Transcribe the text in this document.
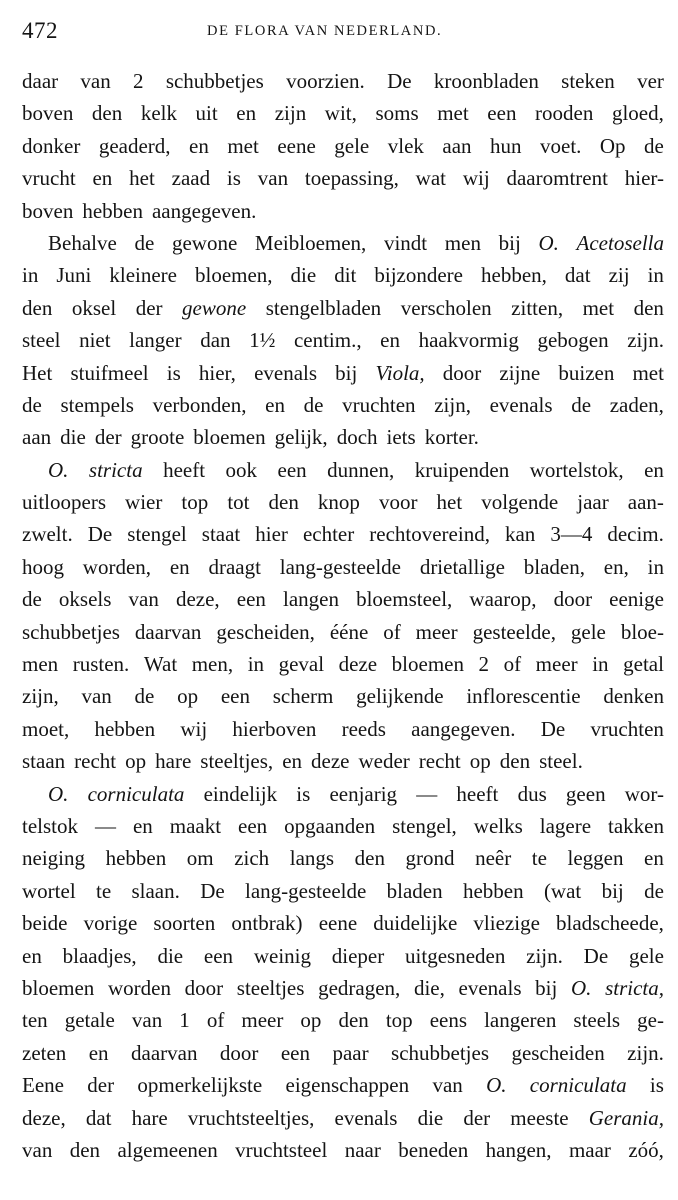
472	DE FLORA VAN NEDERLAND.
daar van 2 schubbetjes voorzien. De kroonbladen steken ver
boven den kelk uit en zijn wit, soms met een rooden gloed,
donker geaderd, en met eene gele vlek aan hun voet. Op de
vrucht en het zaad is van toepassing, wat wij daaromtrent hier-
boven hebben aangegeven.
Behalve de gewone Meibloemen, vindt men bij O. Acetosella
in Juni kleinere bloemen, die dit bijzondere hebben, dat zij in
den oksel der gewone stengelbladen verscholen zitten, met den
steel niet langer dan 1½ centim., en haakvormig gebogen zijn.
Het stuifmeel is hier, evenals bij Viola, door zijne buizen met
de stempels verbonden, en de vruchten zijn, evenals de zaden,
aan die der groote bloemen gelijk, doch iets korter.
O. stricta heeft ook een dunnen, kruipenden wortelstok, en
uitloopers wier top tot den knop voor het volgende jaar aan-
zwelt. De stengel staat hier echter rechtovereind, kan 3—4 decim.
hoog worden, en draagt lang-gesteelde drietallige bladen, en, in
de oksels van deze, een langen bloemsteel, waarop, door eenige
schubbetjes daarvan gescheiden, ééne of meer gesteelde, gele bloe-
men rusten. Wat men, in geval deze bloemen 2 of meer in getal
zijn, van de op een scherm gelijkende inflorescentie denken
moet, hebben wij hierboven reeds aangegeven. De vruchten
staan recht op hare steeltjes, en deze weder recht op den steel.
O. corniculata eindelijk is eenjarig — heeft dus geen wor-
telstok — en maakt een opgaanden stengel, welks lagere takken
neiging hebben om zich langs den grond neêr te leggen en
wortel te slaan. De lang-gesteelde bladen hebben (wat bij de
beide vorige soorten ontbrak) eene duidelijke vliezige bladscheede,
en blaadjes, die een weinig dieper uitgesneden zijn. De gele
bloemen worden door steeltjes gedragen, die, evenals bij O. stricta,
ten getale van 1 of meer op den top eens langeren steels ge-
zeten en daarvan door een paar schubbetjes gescheiden zijn.
Eene der opmerkelijkste eigenschappen van O. corniculata is
deze, dat hare vruchtsteeltjes, evenals die der meeste Gerania,
van den algemeenen vruchtsteel naar beneden hangen, maar zóó,
